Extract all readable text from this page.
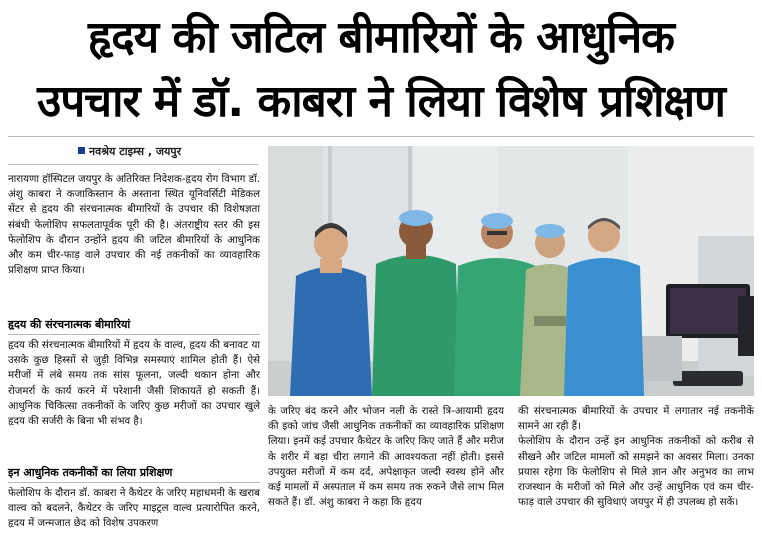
हृदय की जटिल बीमारियों के आधुनिक
उपचार में डॉ. काबरा ने लिया विशेष प्रशिक्षण
नवश्रेय टाइम्स , जयपुर

नारायणा हॉस्पिटल जयपुर के अतिरिक्त निदेशक-हृदय रोग विभाग डॉ. अंशु काबरा ने कजाकिस्तान के अस्ताना स्थित यूनिवर्सिटी मेडिकल सेंटर से हृदय की संरचनात्मक बीमारियों के उपचार की विशेषज्ञता संबंधी फेलोशिप सफलतापूर्वक पूरी की है। अंतराष्ट्रीय स्तर की इस फेलोशिप के दौरान उन्होंने हृदय की जटिल बीमारियों के आधुनिक और कम चीर-फाड़ वाले उपचार की नई तकनीकों का व्यावहारिक प्रशिक्षण प्राप्त किया।

हृदय की संरचनात्मक बीमारियां

हृदय की संरचनात्मक बीमारियों में हृदय के वाल्व, हृदय की बनावट या उसके कुछ हिस्सों से जुड़ी विभिन्न समस्याएं शामिल होती हैं। ऐसे मरीजों में लंबे समय तक सांस फूलना, जल्दी थकान होना और रोजमर्रा के कार्य करने में परेशानी जैसी शिकायतें हो सकती हैं। आधुनिक चिकित्सा तकनीकों के जरिए कुछ मरीजों का उपचार खुले हृदय की सर्जरी के बिना भी संभव है।

इन आधुनिक तकनीकों का लिया प्रशिक्षण

फेलोशिप के दौरान डॉ. काबरा ने कैथेटर के जरिए महाधमनी के खराब वाल्व को बदलने, कैथेटर के जरिए माइट्रल वाल्व प्रत्यारोपित करने, हृदय में जन्मजात छेद को विशेष उपकरण

के जरिए बंद करने और भोजन नली के रास्ते त्रि-आयामी हृदय की इको जांच जैसी आधुनिक तकनीकों का व्यावहारिक प्रशिक्षण लिया। इनमें कई उपचार कैथेटर के जरिए किए जाते हैं और मरीज के शरीर में बड़ा चीरा लगाने की आवश्यकता नहीं होती। इससे उपयुक्त मरीजों में कम दर्द, अपेक्षाकृत जल्दी स्वस्थ होने और कई मामलों में अस्पताल में कम समय तक रुकने जैसे लाभ मिल सकते हैं। डॉ. अंशु काबरा ने कहा कि हृदय

की संरचनात्मक बीमारियों के उपचार में लगातार नई तकनीकें सामने आ रही हैं।

फेलोशिप के दौरान उन्हें इन आधुनिक तकनीकों को करीब से सीखने और जटिल मामलों को समझने का अवसर मिला। उनका प्रयास रहेगा कि फेलोशिप से मिले ज्ञान और अनुभव का लाभ राजस्थान के मरीजों को मिले और उन्हें आधुनिक एवं कम चीर-फाड़ वाले उपचार की सुविधाएं जयपुर में ही उपलब्ध हो सकें।
